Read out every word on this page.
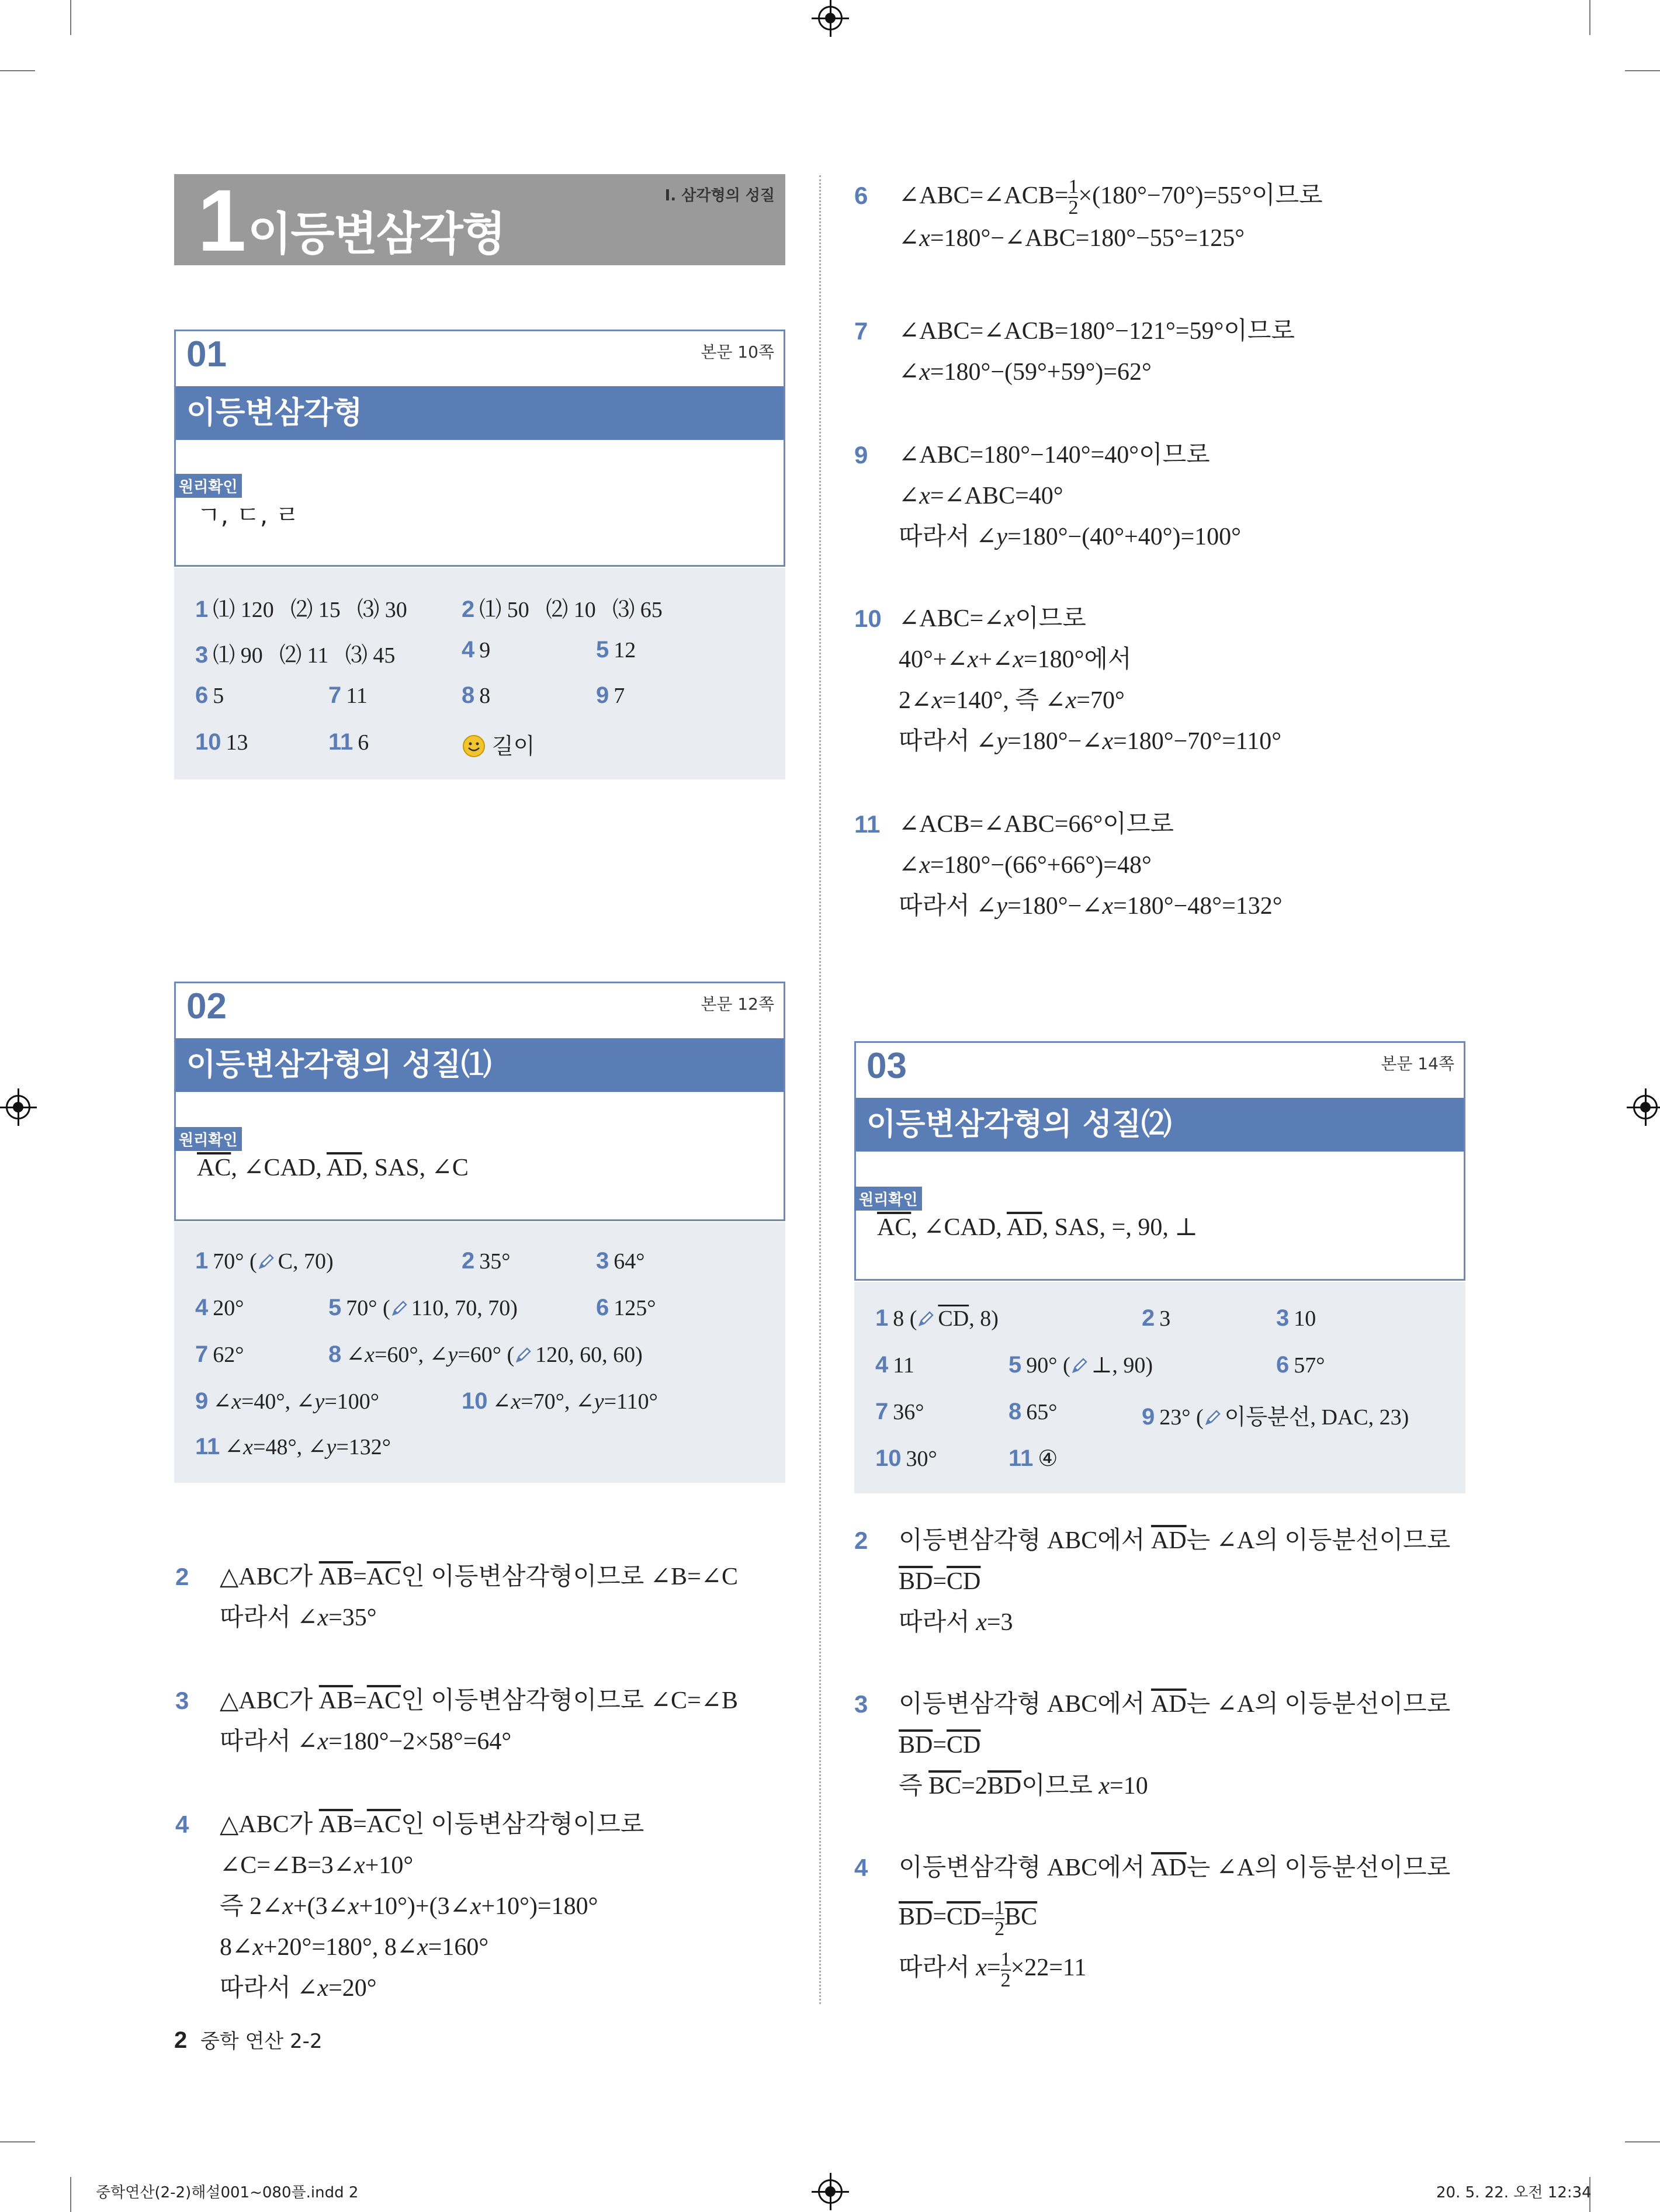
1 이등변삼각형
I. 삼각형의 성질
01	본문 10쪽
이등변삼각형
원리확인
ㄱ, ㄷ, ㄹ
1 ⑴ 120   ⑵ 15   ⑶ 30 2 ⑴ 50   ⑵ 10   ⑶ 65
3 ⑴ 90   ⑵ 11   ⑶ 45	4 9	5 12
6 5	7 11	8 8	9 7
10 13	11 6	길이
02	본문 12쪽
이등변삼각형의 성질⑴
원리확인
$\overline{AC}$, ∠CAD, $\overline{AD}$, SAS, ∠C
1 70° ( C, 70)	2 35°	3 64°
4 20°	5 70° ( 110, 70, 70)	6 125°
7 62°	8 ∠x=60°, ∠y=60° ( 120, 60, 60)
9 ∠x=40°, ∠y=100°	10 ∠x=70°, ∠y=110°
11 ∠x=48°, ∠y=132°
2 △ABC가 $\overline{AB}=\overline{AC}$인 이등변삼각형이므로 ∠B=∠C
따라서 ∠x=35°
3 △ABC가 $\overline{AB}=\overline{AC}$인 이등변삼각형이므로 ∠C=∠B
따라서 ∠x=180°−2×58°=64°
4 △ABC가 $\overline{AB}=\overline{AC}$인 이등변삼각형이므로
∠C=∠B=3∠x+10°
즉 2∠x+(3∠x+10°)+(3∠x+10°)=180°
8∠x+20°=180°, 8∠x=160°
따라서 ∠x=20°
6 ∠ABC=∠ACB= $\frac{1}{2} \times(180^\circ-70^\circ)=55^\circ$이므로
∠x=180°−∠ABC=180°−55°=125°
7 ∠ABC=∠ACB=180°−121°=59°이므로
∠x=180°−(59°+59°)=62°
9 ∠ABC=180°−140°=40°이므로
∠x=∠ABC=40°
따라서 ∠y=180°−(40°+40°)=100°
10 ∠ABC=∠x이므로
40°+∠x+∠x=180°에서
2∠x=140°, 즉 ∠x=70°
따라서 ∠y=180°−∠x=180°−70°=110°
11 ∠ACB=∠ABC=66°이므로
∠x=180°−(66°+66°)=48°
따라서 ∠y=180°−∠x=180°−48°=132°
03	본문 14쪽
이등변삼각형의 성질⑵
원리확인
$\overline{AC}$, ∠CAD, $\overline{AD}$, SAS, =, 90, ⊥
1 8 ( $\overline{CD}$, 8)	2 3	3 10
4 11	5 90° ( ⊥, 90)	6 57°
7 36°	8 65°	9 23° ( 이등분선, DAC, 23)
10 30°	11 ④
2 이등변삼각형 ABC에서 $\overline{AD}$는 ∠A의 이등분선이므로
$\overline{BD}=\overline{CD}$
따라서 x=3
3 이등변삼각형 ABC에서 $\overline{AD}$는 ∠A의 이등분선이므로
$\overline{BD}=\overline{CD}$
즉 $\overline{BC}=2\overline{BD}$이므로 x=10
4 이등변삼각형 ABC에서 $\overline{AD}$는 ∠A의 이등분선이므로
$\overline{BD}=\overline{CD}= \frac{1}{2} \overline{BC}$
따라서 $x= \frac{1}{2} \times 22=11$
2 중학 연산 2-2
중학연산(2-2)해설001~080플.indd 2	20. 5. 22. 오전 12:34
